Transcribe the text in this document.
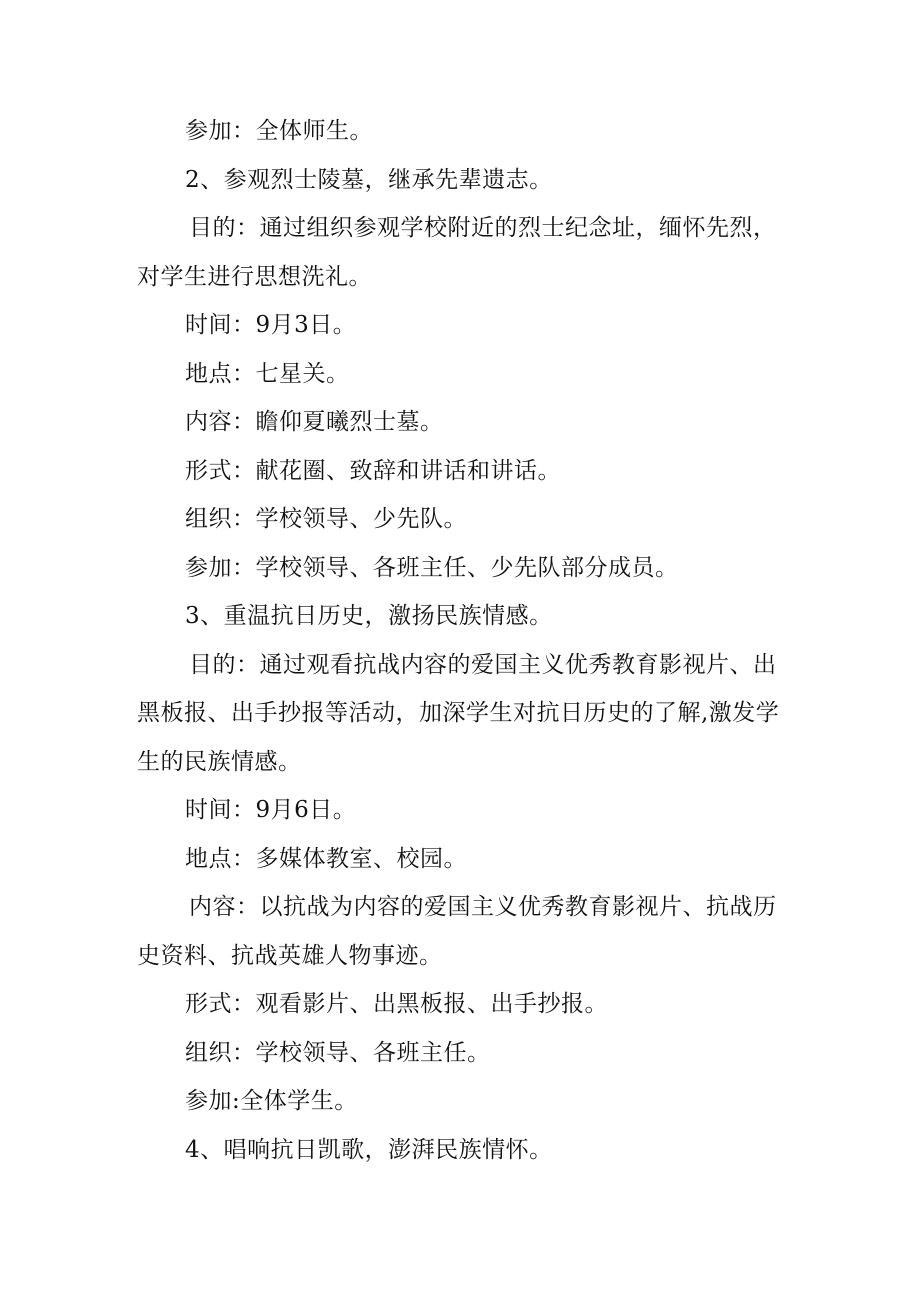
参加：全体师生。

2、参观烈士陵墓，继承先辈遗志。

目的：通过组织参观学校附近的烈士纪念址，缅怀先烈，对学生进行思想洗礼。

时间：9月3日。

地点：七星关。

内容：瞻仰夏曦烈士墓。

形式：献花圈、致辞和讲话和讲话。

组织：学校领导、少先队。

参加：学校领导、各班主任、少先队部分成员。

3、重温抗日历史，激扬民族情感。

目的：通过观看抗战内容的爱国主义优秀教育影视片、出黑板报、出手抄报等活动，加深学生对抗日历史的了解,激发学生的民族情感。

时间：9月6日。

地点：多媒体教室、校园。

内容：以抗战为内容的爱国主义优秀教育影视片、抗战历史资料、抗战英雄人物事迹。

形式：观看影片、出黑板报、出手抄报。

组织：学校领导、各班主任。

参加:全体学生。

4、唱响抗日凯歌，澎湃民族情怀。
